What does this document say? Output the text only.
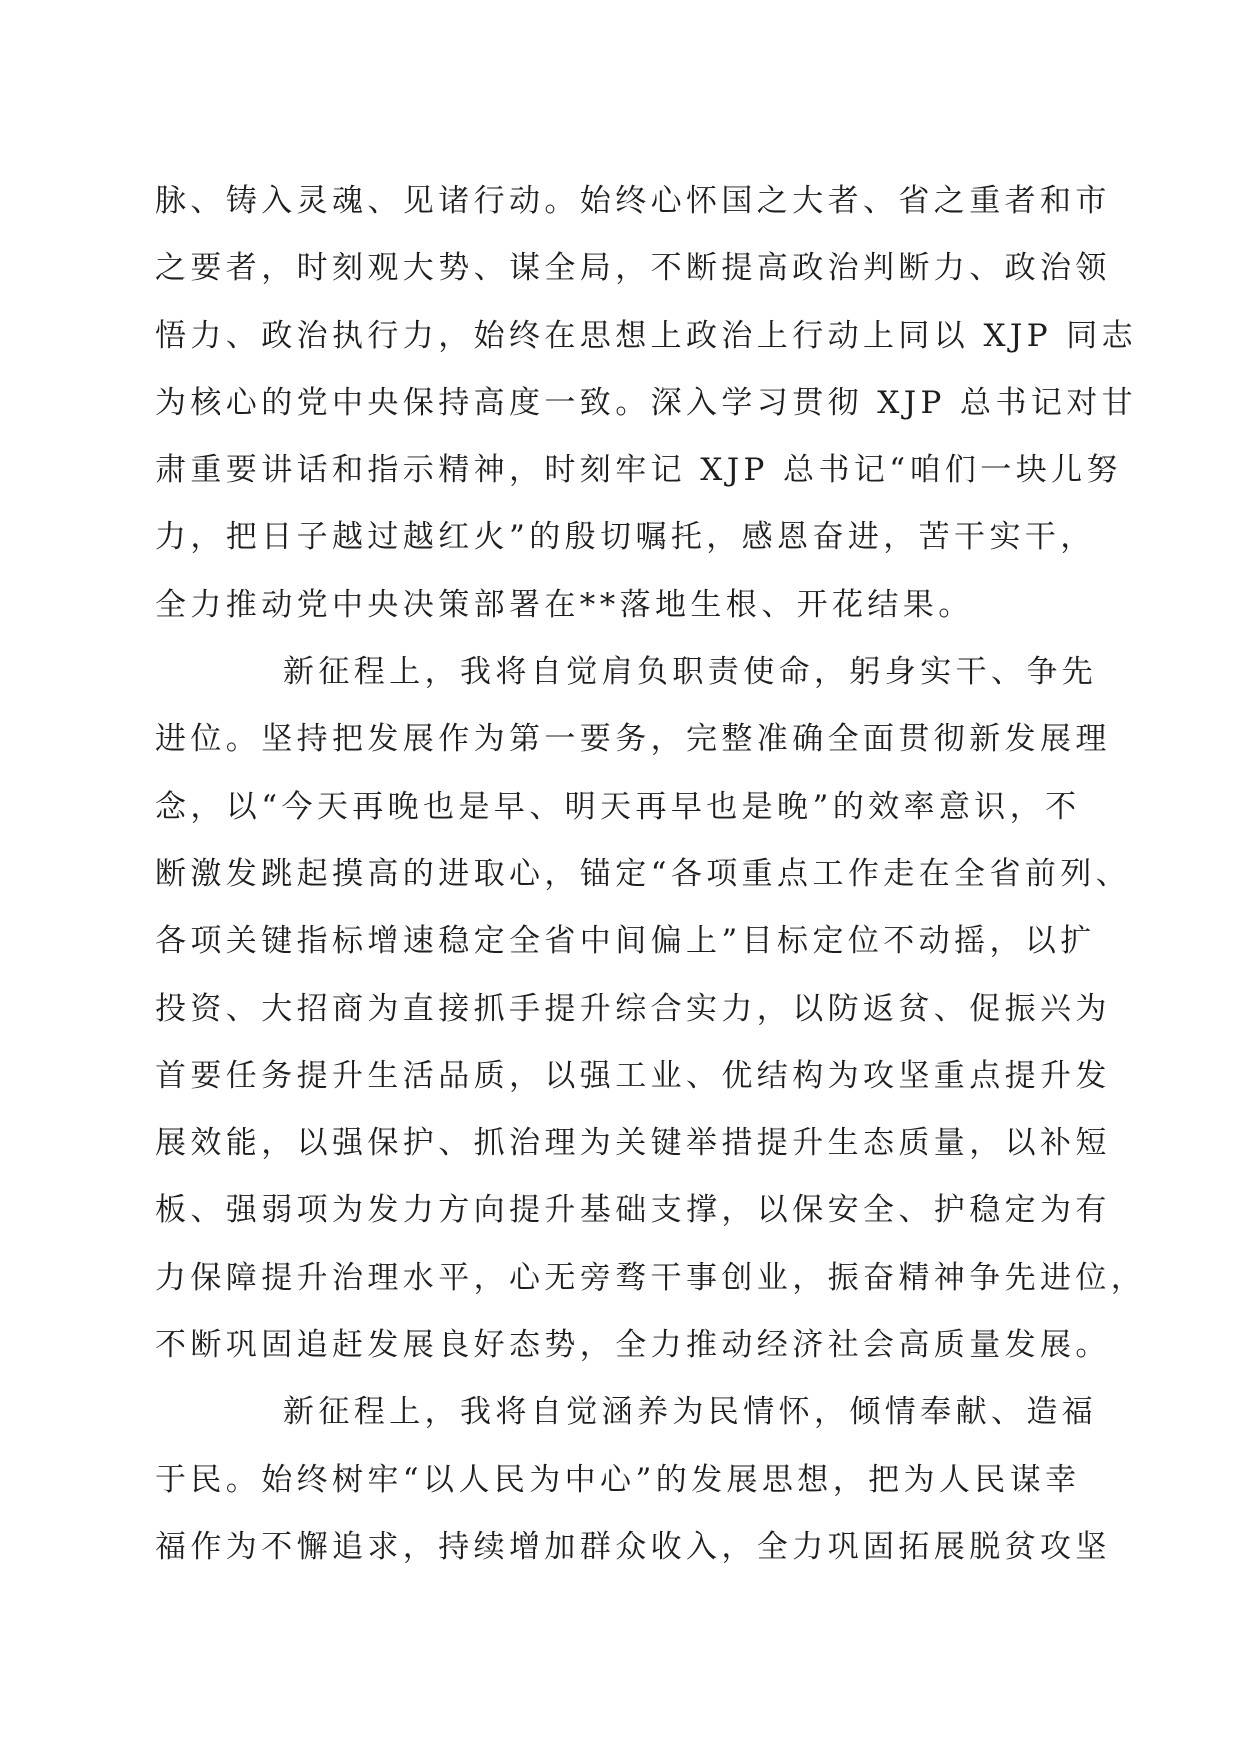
脉、铸入灵魂、见诸行动。始终心怀国之大者、省之重者和市
之要者，时刻观大势、谋全局，不断提高政治判断力、政治领
悟力、政治执行力，始终在思想上政治上行动上同以 XJP 同志
为核心的党中央保持高度一致。深入学习贯彻 XJP 总书记对甘
肃重要讲话和指示精神，时刻牢记 XJP 总书记“咱们一块儿努
力，把日子越过越红火”的殷切嘱托，感恩奋进，苦干实干，
全力推动党中央决策部署在**落地生根、开花结果。
新征程上，我将自觉肩负职责使命，躬身实干、争先
进位。坚持把发展作为第一要务，完整准确全面贯彻新发展理
念，以“今天再晚也是早、明天再早也是晚”的效率意识，不
断激发跳起摸高的进取心，锚定“各项重点工作走在全省前列、
各项关键指标增速稳定全省中间偏上”目标定位不动摇，以扩
投资、大招商为直接抓手提升综合实力，以防返贫、促振兴为
首要任务提升生活品质，以强工业、优结构为攻坚重点提升发
展效能，以强保护、抓治理为关键举措提升生态质量，以补短
板、强弱项为发力方向提升基础支撑，以保安全、护稳定为有
力保障提升治理水平，心无旁骛干事创业，振奋精神争先进位，
不断巩固追赶发展良好态势，全力推动经济社会高质量发展。
新征程上，我将自觉涵养为民情怀，倾情奉献、造福
于民。始终树牢“以人民为中心”的发展思想，把为人民谋幸
福作为不懈追求，持续增加群众收入，全力巩固拓展脱贫攻坚
